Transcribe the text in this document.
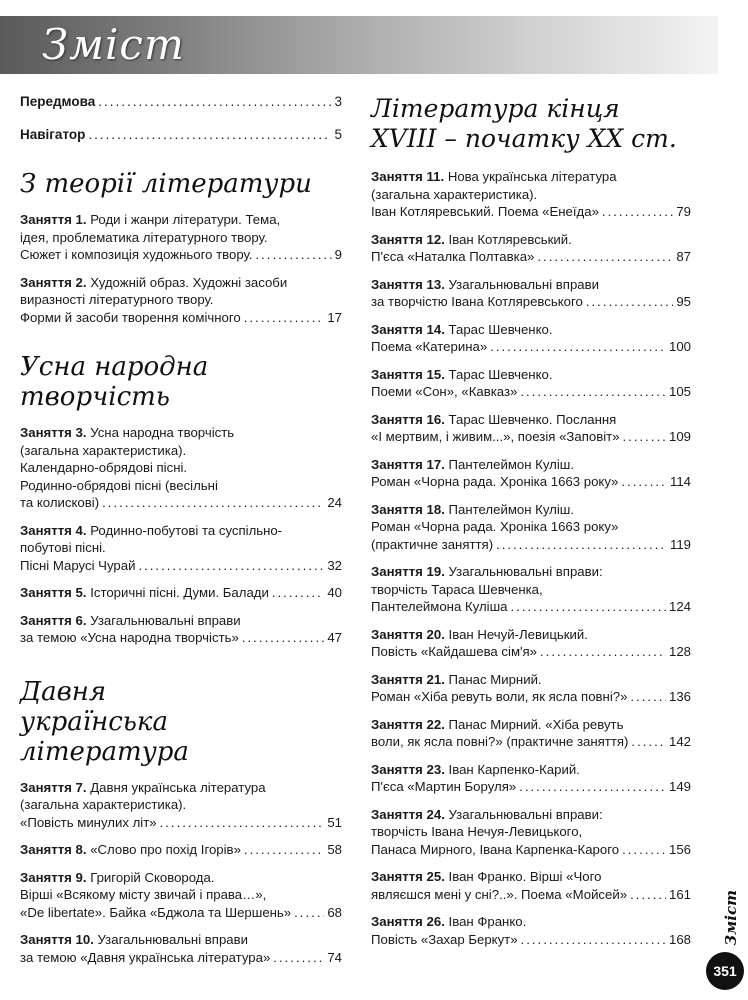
Зміст
Передмова .....	3
Навігатор .....	5
З теорії літератури
Заняття 1. Роди і жанри літератури. Тема,
ідея, проблематика літературного твору.
Сюжет і композиція художнього твору. .....	9
Заняття 2. Художній образ. Художні засоби
виразності літературного твору.
Форми й засоби творення комічного .....	17
Усна народна творчість
Заняття 3. Усна народна творчість
(загальна характеристика).
Календарно-обрядові пісні.
Родинно-обрядові пісні (весільні
та колискові) .....	24
Заняття 4. Родинно-побутові та суспільно-
побутові пісні.
Пісні Марусі Чурай .....	32
Заняття 5. Історичні пісні. Думи. Балади .....	40
Заняття 6. Узагальнювальні вправи
за темою «Усна народна творчість» .....	47
Давня українська література
Заняття 7. Давня українська література
(загальна характеристика).
«Повість минулих літ» .....	51
Заняття 8. «Слово про похід Ігорів» .....	58
Заняття 9. Григорій Сковорода.
Вірші «Всякому місту звичай і права…»,
«De libertate». Байка «Бджола та Шершень» .....	68
Заняття 10. Узагальнювальні вправи
за темою «Давня українська література» .....	74
Література кінця XVIII – початку XX ст.
Заняття 11. Нова українська література
(загальна характеристика).
Іван Котляревський. Поема «Енеїда» .....	79
Заняття 12. Іван Котляревський.
П'єса «Наталка Полтавка» .....	87
Заняття 13. Узагальнювальні вправи
за творчістю Івана Котляревського .....	95
Заняття 14. Тарас Шевченко.
Поема «Катерина» .....	100
Заняття 15. Тарас Шевченко.
Поеми «Сон», «Кавказ» .....	105
Заняття 16. Тарас Шевченко. Послання
«І мертвим, і живим...», поезія «Заповіт» .....	109
Заняття 17. Пантелеймон Куліш.
Роман «Чорна рада. Хроніка 1663 року» .....	114
Заняття 18. Пантелеймон Куліш.
Роман «Чорна рада. Хроніка 1663 року»
(практичне заняття) .....	119
Заняття 19. Узагальнювальні вправи:
творчість Тараса Шевченка,
Пантелеймона Куліша .....	124
Заняття 20. Іван Нечуй-Левицький.
Повість «Кайдашева сім'я» .....	128
Заняття 21. Панас Мирний.
Роман «Хіба ревуть воли, як ясла повні?» .....	136
Заняття 22. Панас Мирний. «Хіба ревуть
воли, як ясла повні?» (практичне заняття) .....	142
Заняття 23. Іван Карпенко-Карий.
П'єса «Мартин Боруля» .....	149
Заняття 24. Узагальнювальні вправи:
творчість Івана Нечуя-Левицького,
Панаса Мирного, Івана Карпенка-Карого .....	156
Заняття 25. Іван Франко. Вірші «Чого
являєшся мені у сні?..». Поема «Мойсей» .....	161
Заняття 26. Іван Франко.
Повість «Захар Беркут» .....	168 Зміст
351
